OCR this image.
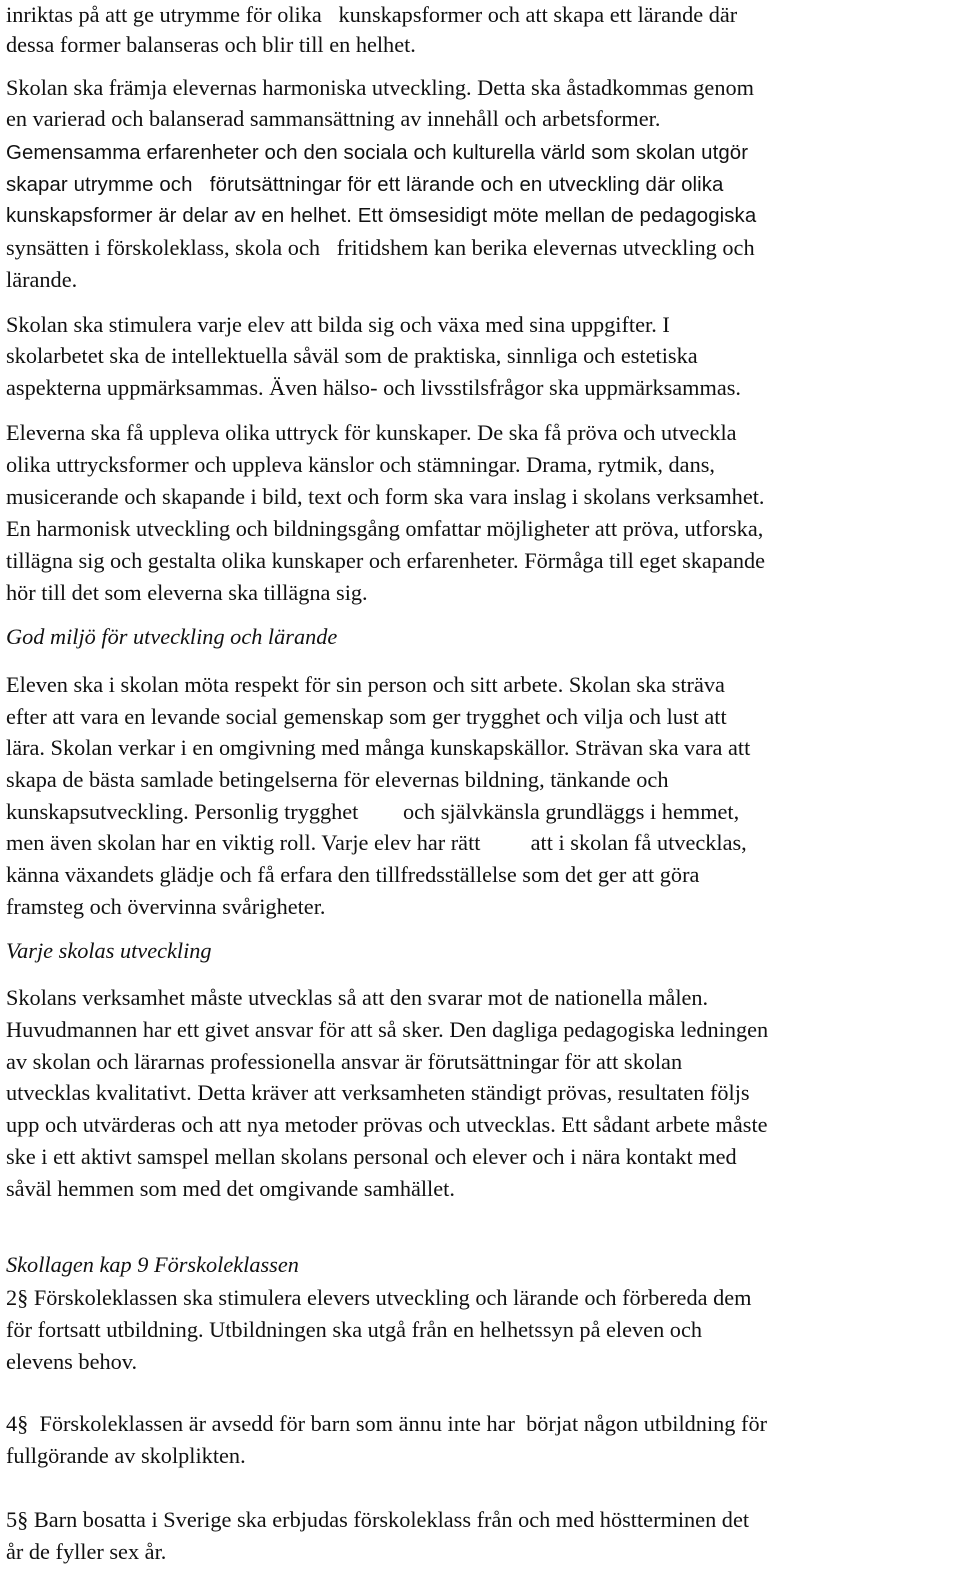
inriktas på att ge utrymme för olika   kunskapsformer och att skapa ett lärande där
dessa former balanseras och blir till en helhet.
Skolan ska främja elevernas harmoniska utveckling. Detta ska åstadkommas genom
en varierad och balanserad sammansättning av innehåll och arbetsformer.
Gemensamma erfarenheter och den sociala och kulturella värld som skolan utgör
skapar utrymme och   förutsättningar för ett lärande och en utveckling där olika
kunskapsformer är delar av en helhet. Ett ömsesidigt möte mellan de pedagogiska
synsätten i förskoleklass, skola och   fritidshem kan berika elevernas utveckling och
lärande.
Skolan ska stimulera varje elev att bilda sig och växa med sina uppgifter. I
skolarbetet ska de intellektuella såväl som de praktiska, sinnliga och estetiska
aspekterna uppmärksammas. Även hälso- och livsstilsfrågor ska uppmärksammas.
Eleverna ska få uppleva olika uttryck för kunskaper. De ska få pröva och utveckla
olika uttrycksformer och uppleva känslor och stämningar. Drama, rytmik, dans,
musicerande och skapande i bild, text och form ska vara inslag i skolans verksamhet.
En harmonisk utveckling och bildningsgång omfattar möjligheter att pröva, utforska,
tillägna sig och gestalta olika kunskaper och erfarenheter. Förmåga till eget skapande
hör till det som eleverna ska tillägna sig.
God miljö för utveckling och lärande
Eleven ska i skolan möta respekt för sin person och sitt arbete. Skolan ska sträva
efter att vara en levande social gemenskap som ger trygghet och vilja och lust att
lära. Skolan verkar i en omgivning med många kunskapskällor. Strävan ska vara att
skapa de bästa samlade betingelserna för elevernas bildning, tänkande och
kunskapsutveckling. Personlig trygghet        och självkänsla grundläggs i hemmet,
men även skolan har en viktig roll. Varje elev har rätt         att i skolan få utvecklas,
känna växandets glädje och få erfara den tillfredsställelse som det ger att göra
framsteg och övervinna svårigheter.
Varje skolas utveckling
Skolans verksamhet måste utvecklas så att den svarar mot de nationella målen.
Huvudmannen har ett givet ansvar för att så sker. Den dagliga pedagogiska ledningen
av skolan och lärarnas professionella ansvar är förutsättningar för att skolan
utvecklas kvalitativt. Detta kräver att verksamheten ständigt prövas, resultaten följs
upp och utvärderas och att nya metoder prövas och utvecklas. Ett sådant arbete måste
ske i ett aktivt samspel mellan skolans personal och elever och i nära kontakt med
såväl hemmen som med det omgivande samhället.
Skollagen kap 9 Förskoleklassen
2§ Förskoleklassen ska stimulera elevers utveckling och lärande och förbereda dem
för fortsatt utbildning. Utbildningen ska utgå från en helhetssyn på eleven och
elevens behov.
4§  Förskoleklassen är avsedd för barn som ännu inte har  börjat någon utbildning för
fullgörande av skolplikten.
5§ Barn bosatta i Sverige ska erbjudas förskoleklass från och med höstterminen det
år de fyller sex år.
